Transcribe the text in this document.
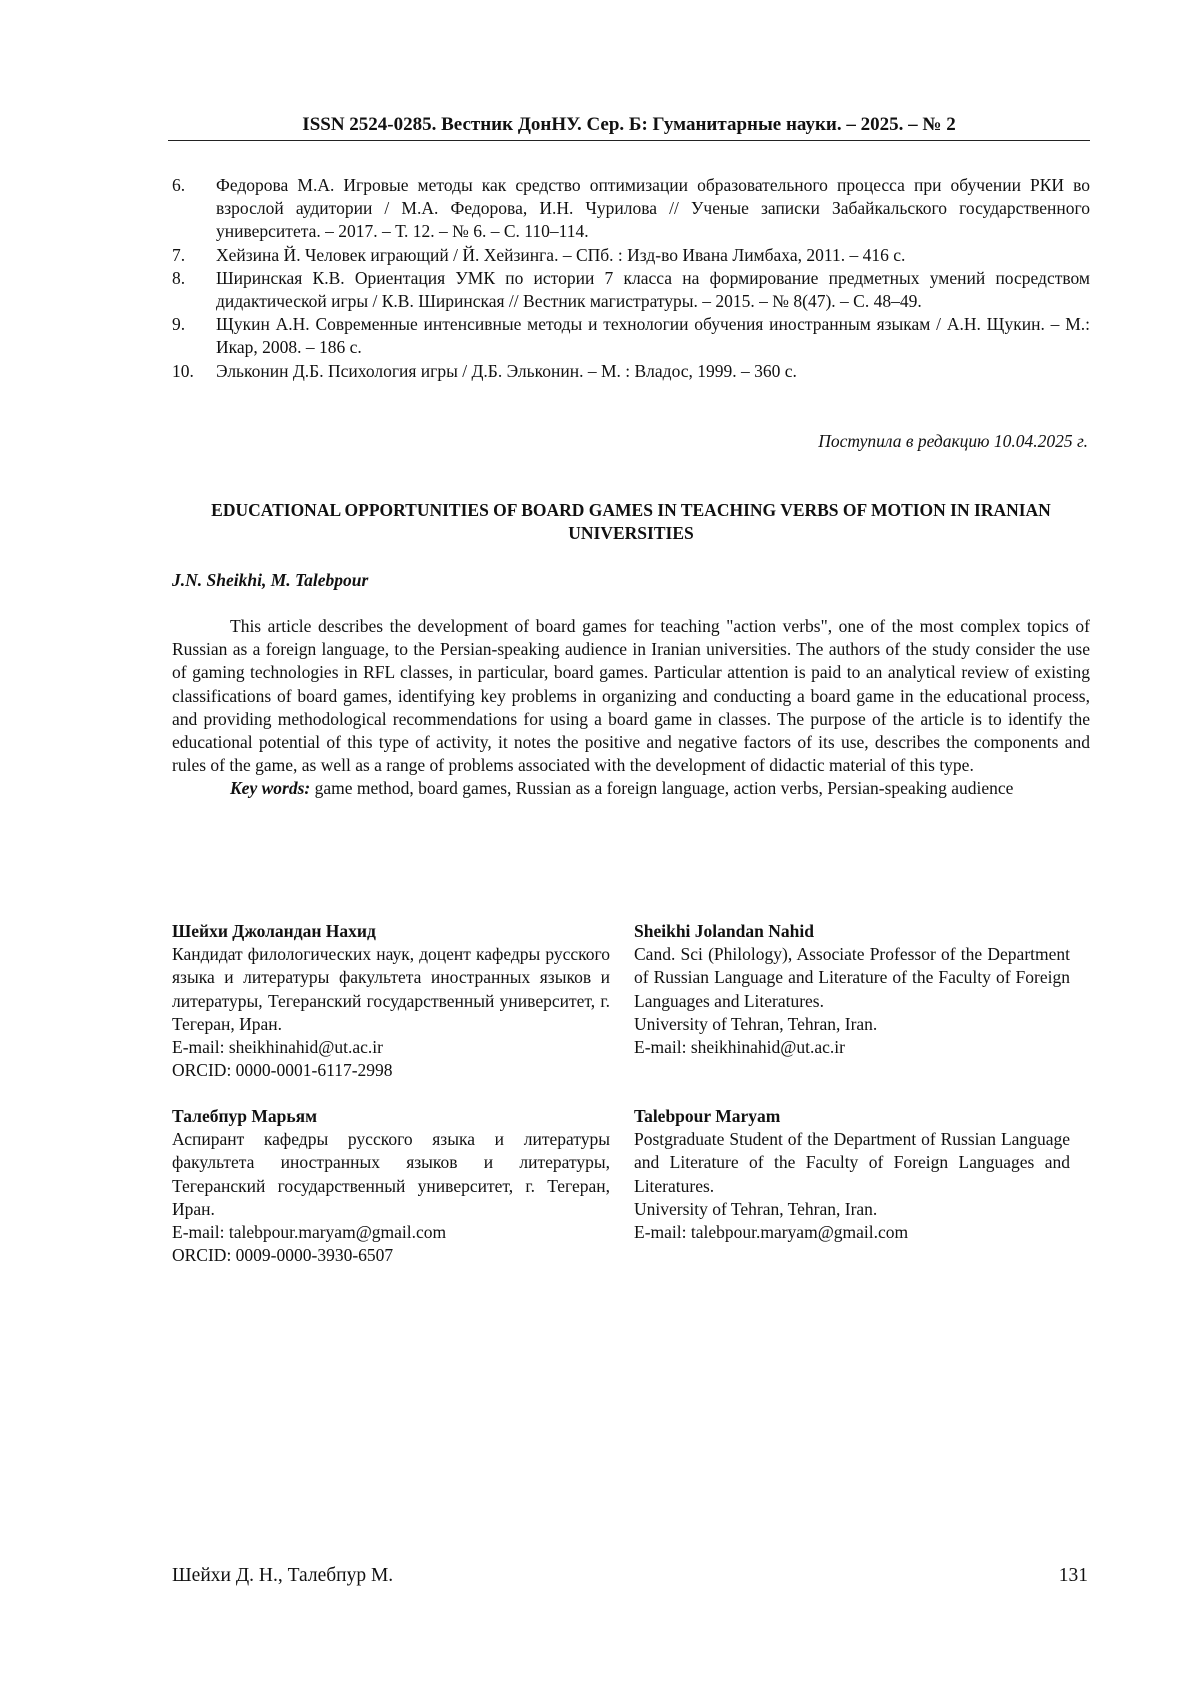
ISSN 2524-0285. Вестник ДонНУ. Сер. Б: Гуманитарные науки. – 2025. – № 2
6.	Федорова М.А. Игровые методы как средство оптимизации образовательного процесса при обучении РКИ во взрослой аудитории / М.А. Федорова, И.Н. Чурилова // Ученые записки Забайкальского государственного университета. – 2017. – Т. 12. – № 6. – С. 110–114.
7.	Хейзина Й. Человек играющий / Й. Хейзинга. – СПб. : Изд-во Ивана Лимбаха, 2011. – 416 с.
8.	Ширинская К.В. Ориентация УМК по истории 7 класса на формирование предметных умений посредством дидактической игры / К.В. Ширинская // Вестник магистратуры. – 2015. – № 8(47). – С. 48–49.
9.	Щукин А.Н. Современные интенсивные методы и технологии обучения иностранным языкам / А.Н. Щукин. – М.: Икар, 2008. – 186 с.
10.	Эльконин Д.Б. Психология игры / Д.Б. Эльконин. – М. : Владос, 1999. – 360 с.
Поступила в редакцию 10.04.2025 г.
EDUCATIONAL OPPORTUNITIES OF BOARD GAMES IN TEACHING VERBS OF MOTION IN IRANIAN UNIVERSITIES
J.N. Sheikhi, M. Talebpour

This article describes the development of board games for teaching "action verbs", one of the most complex topics of Russian as a foreign language, to the Persian-speaking audience in Iranian universities. The authors of the study consider the use of gaming technologies in RFL classes, in particular, board games. Particular attention is paid to an analytical review of existing classifications of board games, identifying key problems in organizing and conducting a board game in the educational process, and providing methodological recommendations for using a board game in classes. The purpose of the article is to identify the educational potential of this type of activity, it notes the positive and negative factors of its use, describes the components and rules of the game, as well as a range of problems associated with the development of didactic material of this type.

Key words: game method, board games, Russian as a foreign language, action verbs, Persian-speaking audience

Шейхи Джоландан Нахид
Кандидат филологических наук, доцент кафедры русского языка и литературы факультета иностранных языков и литературы, Тегеранский государственный университет, г. Тегеран, Иран.
E-mail: sheikhinahid@ut.ac.ir
ORCID: 0000-0001-6117-2998
Sheikhi Jolandan Nahid
Cand. Sci (Philology), Associate Professor of the Department of Russian Language and Literature of the Faculty of Foreign Languages and Literatures.
University of Tehran, Tehran, Iran.
E-mail: sheikhinahid@ut.ac.ir
Талебпур Марьям
Аспирант кафедры русского языка и литературы факультета иностранных языков и литературы, Тегеранский государственный университет, г. Тегеран, Иран.
E-mail: talebpour.maryam@gmail.com
ORCID: 0009-0000-3930-6507
Talebpour Maryam
Postgraduate Student of the Department of Russian Language and Literature of the Faculty of Foreign Languages and Literatures.
University of Tehran, Tehran, Iran.
E-mail: talebpour.maryam@gmail.com
Шейхи Д. Н., Талебпур М.	131
